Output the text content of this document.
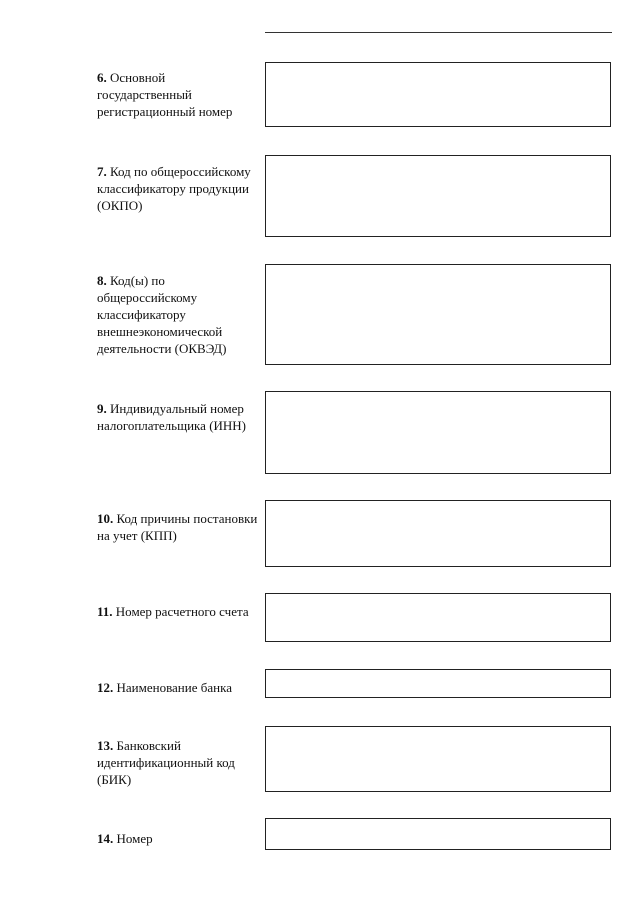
6. Основной государственный регистрационный номер
7. Код по общероссийскому классификатору продукции (ОКПО)
8. Код(ы) по общероссийскому классификатору внешнеэкономической деятельности (ОКВЭД)
9. Индивидуальный номер налогоплательщика (ИНН)
10. Код причины постановки на учет (КПП)
11. Номер расчетного счета
12. Наименование банка
13. Банковский идентификационный код (БИК)
14. Номер
